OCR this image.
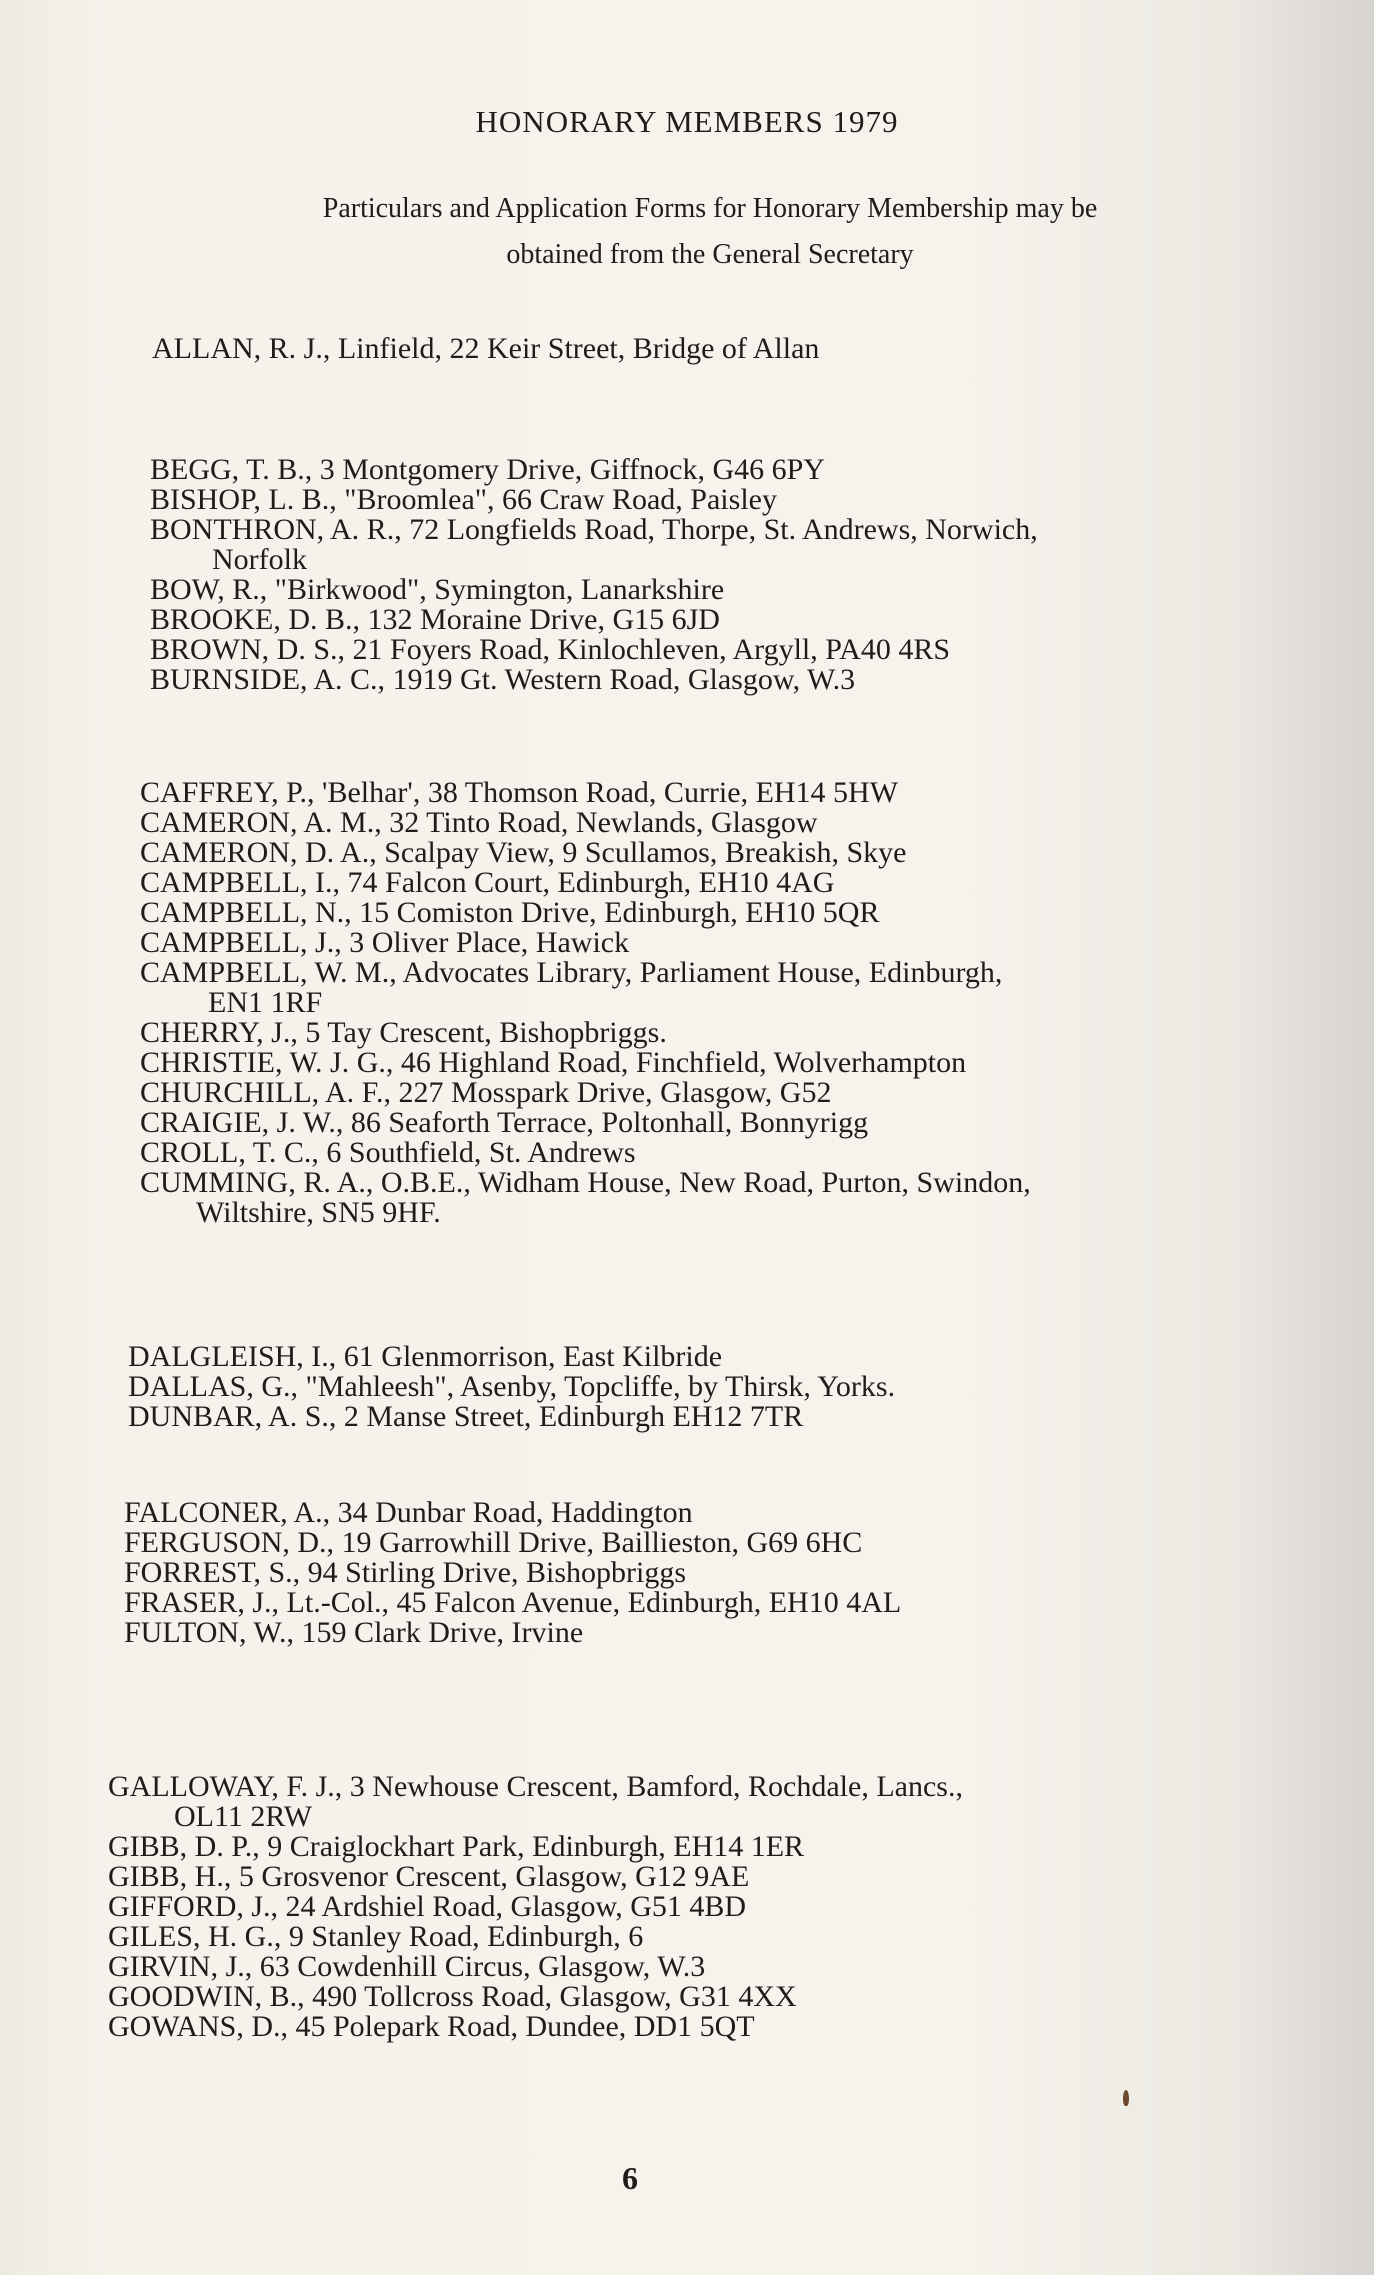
HONORARY MEMBERS 1979
Particulars and Application Forms for Honorary Membership may be
obtained from the General Secretary
ALLAN, R. J., Linfield, 22 Keir Street, Bridge of Allan
BEGG, T. B., 3 Montgomery Drive, Giffnock, G46 6PY
BISHOP, L. B., "Broomlea", 66 Craw Road, Paisley
BONTHRON, A. R., 72 Longfields Road, Thorpe, St. Andrews, Norwich,
Norfolk
BOW, R., "Birkwood", Symington, Lanarkshire
BROOKE, D. B., 132 Moraine Drive, G15 6JD
BROWN, D. S., 21 Foyers Road, Kinlochleven, Argyll, PA40 4RS
BURNSIDE, A. C., 1919 Gt. Western Road, Glasgow, W.3
CAFFREY, P., 'Belhar', 38 Thomson Road, Currie, EH14 5HW
CAMERON, A. M., 32 Tinto Road, Newlands, Glasgow
CAMERON, D. A., Scalpay View, 9 Scullamos, Breakish, Skye
CAMPBELL, I., 74 Falcon Court, Edinburgh, EH10 4AG
CAMPBELL, N., 15 Comiston Drive, Edinburgh, EH10 5QR
CAMPBELL, J., 3 Oliver Place, Hawick
CAMPBELL, W. M., Advocates Library, Parliament House, Edinburgh,
EN1 1RF
CHERRY, J., 5 Tay Crescent, Bishopbriggs.
CHRISTIE, W. J. G., 46 Highland Road, Finchfield, Wolverhampton
CHURCHILL, A. F., 227 Mosspark Drive, Glasgow, G52
CRAIGIE, J. W., 86 Seaforth Terrace, Poltonhall, Bonnyrigg
CROLL, T. C., 6 Southfield, St. Andrews
CUMMING, R. A., O.B.E., Widham House, New Road, Purton, Swindon,
Wiltshire, SN5 9HF.
DALGLEISH, I., 61 Glenmorrison, East Kilbride
DALLAS, G., "Mahleesh", Asenby, Topcliffe, by Thirsk, Yorks.
DUNBAR, A. S., 2 Manse Street, Edinburgh EH12 7TR
FALCONER, A., 34 Dunbar Road, Haddington
FERGUSON, D., 19 Garrowhill Drive, Baillieston, G69 6HC
FORREST, S., 94 Stirling Drive, Bishopbriggs
FRASER, J., Lt.-Col., 45 Falcon Avenue, Edinburgh, EH10 4AL
FULTON, W., 159 Clark Drive, Irvine
GALLOWAY, F. J., 3 Newhouse Crescent, Bamford, Rochdale, Lancs.,
OL11 2RW
GIBB, D. P., 9 Craiglockhart Park, Edinburgh, EH14 1ER
GIBB, H., 5 Grosvenor Crescent, Glasgow, G12 9AE
GIFFORD, J., 24 Ardshiel Road, Glasgow, G51 4BD
GILES, H. G., 9 Stanley Road, Edinburgh, 6
GIRVIN, J., 63 Cowdenhill Circus, Glasgow, W.3
GOODWIN, B., 490 Tollcross Road, Glasgow, G31 4XX
GOWANS, D., 45 Polepark Road, Dundee, DD1 5QT
6
